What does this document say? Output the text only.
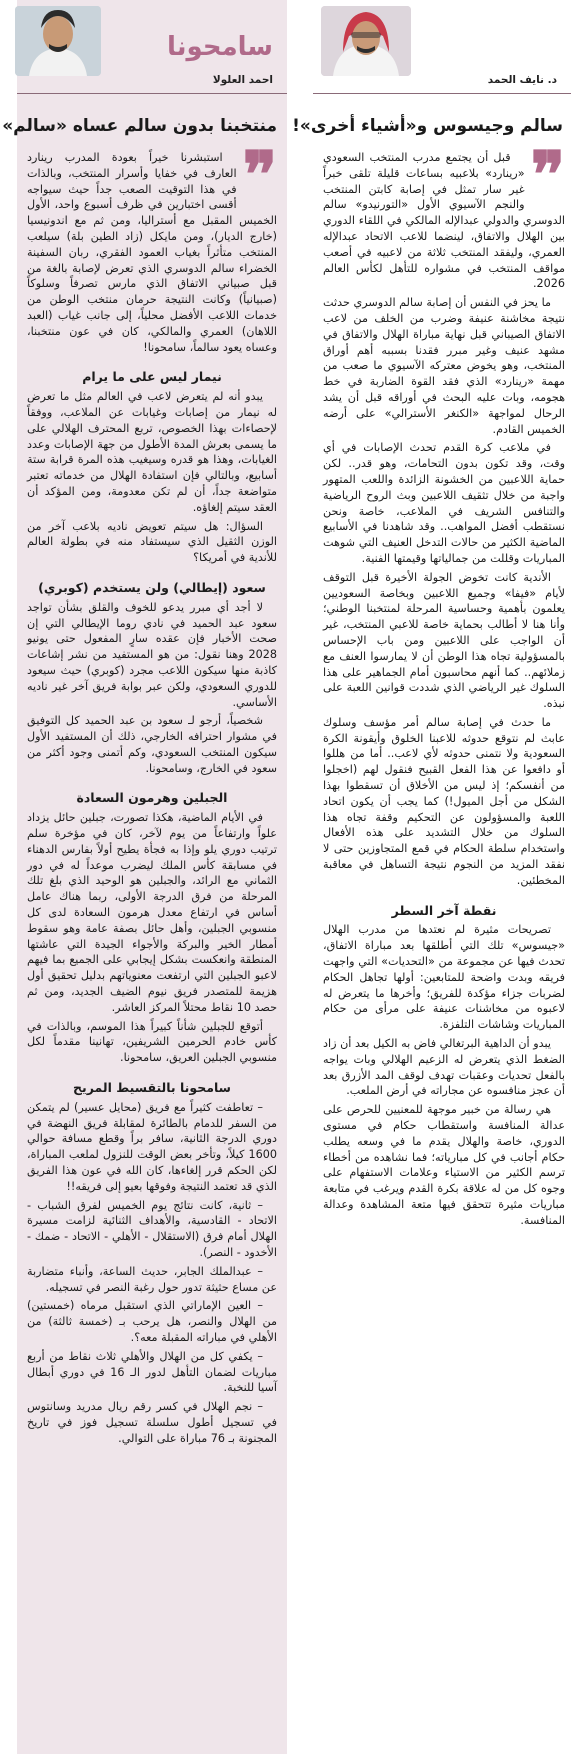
سامحونا
احمد العلولا
منتخبنا بدون سالم عساه «سالم»
❞

استبشرنا خيراً بعودة المدرب رينارد العارف في خفايا وأسرار المنتخب، وبالذات في هذا التوقيت الصعب جداً حيث سيواجه أقسى اختبارين في ظرف أسبوع واحد، الأول الخميس المقبل مع أستراليا، ومن ثم مع اندونيسيا (خارج الديار)، ومن مايكل (زاد الطين بلة) سيلعب المنتخب متأثراً بغياب العمود الفقري، ربان السفينة الخضراء سالم الدوسري الذي تعرض لإصابة بالغة من قبل صبياني الاتفاق الذي مارس تصرفاً وسلوكاً (صبيانياً) وكانت النتيجة حرمان منتخب الوطن من خدمات اللاعب الأفضل محلياً، إلى جانب غياب (العبد اللاهان) العمري والمالكي، كان في عون منتخبنا، وعساه يعود سالماً، سامحونا!

نيمار ليس على ما يرام

يبدو أنه لم يتعرض لاعب في العالم مثل ما تعرض له نيمار من إصابات وغيابات عن الملاعب، ووفقاً لإحصاءات بهذا الخصوص، تربع المحترف الهلالي على ما يسمى بعرش المدة الأطول من جهة الإصابات وعدد الغيابات، وهذا هو قدره وسيغيب هذه المرة قرابة ستة أسابيع، وبالتالي فإن استفادة الهلال من خدماته تعتبر متواضعة جداً، أن لم تكن معدومة، ومن المؤكد أن العقد سيتم إلغاؤه.

السؤال: هل سيتم تعويض ناديه بلاعب آخر من الوزن الثقيل الذي سيستفاد منه في بطولة العالم للأندية في أمريكا؟

سعود (إيطالي) ولن يستخدم (كوبري)

لا أجد أي مبرر يدعو للخوف والقلق بشأن تواجد سعود عبد الحميد في نادي روما الإيطالي التي إن صحت الأخبار فإن عقده سارٍ المفعول حتى يونيو 2028 وهنا نقول: من هو المستفيد من نشر إشاعات كاذبة منها سيكون اللاعب مجرد (كوبري) حيث سيعود للدوري السعودي، ولكن عبر بوابة فريق آخر غير ناديه الأساسي.

شخصياً، أرجو لـ سعود بن عبد الحميد كل التوفيق في مشوار احترافه الخارجي، ذلك أن المستفيد الأول سيكون المنتخب السعودي، وكم أتمنى وجود أكثر من سعود في الخارج، وسامحونا.

الجبلين وهرمون السعادة

في الأيام الماضية، هكذا تصورت، جبلين حائل يزداد علواً وارتفاعاً من يوم لآخر، كان في مؤخرة سلم ترتيب دوري يلو وإذا به فجأة يطيح أولاً بفارس الدهناء في مسابقة كأس الملك ليضرب موعداً له في دور الثماني مع الرائد، والجبلين هو الوحيد الذي بلغ تلك المرحلة من فرق الدرجة الأولى، ربما هناك عامل أساس في ارتفاع معدل هرمون السعادة لدى كل منسوبي الجبلين، وأهل حائل بصفة عامة وهو سقوط أمطار الخير والبركة والأجواء الجيدة التي عاشتها المنطقة وانعكست بشكل إيجابي على الجميع بما فيهم لاعبو الجبلين التي ارتفعت معنوياتهم بدليل تحقيق أول هزيمة للمتصدر فريق نيوم الضيف الجديد، ومن ثم حصد 10 نقاط محتلاً المركز العاشر.

أتوقع للجبلين شأناً كبيراً هذا الموسم، وبالذات في كأس خادم الحرمين الشريفين، تهانينا مقدماً لكل منسوبي الجبلين العريق، سامحونا.

سامحونا بالتقسيط المريح

– تعاطفت كثيراً مع فريق (محايل عسير) لم يتمكن من السفر للدمام بالطائرة لمقابلة فريق النهضة في دوري الدرجة الثانية، سافر براً وقطع مسافة حوالي 1600 كيلاً، وتأخر بعض الوقت للنزول لملعب المباراة، لكن الحكم قرر إلغاءها، كان الله في عون هذا الفريق الذي قد تعتمد النتيجة وفوقها بعيو إلى فريقه!!

– ثانية، كانت نتائج يوم الخميس لفرق الشباب - الاتحاد - القادسية، والأهداف الثنائية لزامت مسيرة الهلال أمام فرق (الاستقلال - الأهلي - الاتحاد - ضمك - الأخدود - النصر).

– عبدالملك الجابر، حديث الساعة، وأنباء متضاربة عن مساع حثيثة تدور حول رغبة النصر في تسجيله.

– العين الإماراتي الذي استقبل مرماه (خمستين) من الهلال والنصر، هل يرحب بـ (خمسة ثالثة) من الأهلي في مباراته المقبلة معه؟.

– يكفي كل من الهلال والأهلي ثلاث نقاط من أربع مباريات لضمان التأهل لدور الـ 16 في دوري أبطال آسيا للنخبة.

– نجم الهلال في كسر رقم ريال مدريد وسانتوس في تسجيل أطول سلسلة تسجيل فوز في تاريخ المجنونة بـ 76 مباراة على التوالي.

د. نايف الحمد
سالم وجيسوس و«أشياء أخرى»!
❞

قبل أن يجتمع مدرب المنتخب السعودي «رينارد» بلاعبيه بساعات قليلة تلقى خبراً غير سار تمثل في إصابة كابتن المنتخب والنجم الآسيوي الأول «التورنيدو» سالم الدوسري والدولي عبدالإله المالكي في اللقاء الدوري بين الهلال والاتفاق، لينضما للاعب الاتحاد عبدالإله العمري، وليفقد المنتخب ثلاثة من لاعبيه في أصعب مواقف المنتخب في مشواره للتأهل لكأس العالم 2026.

ما يحز في النفس أن إصابة سالم الدوسري حدثت نتيجة مخاشنة عنيفة وضرب من الخلف من لاعب الاتفاق الصيباني قبل نهاية مباراة الهلال والاتفاق في مشهد عنيف وغير مبرر فقدنا بسببه أهم أوراق المنتخب، وهو يخوض معتركه الآسيوي ما صعب من مهمة «رينارد» الذي فقد القوة الضاربة في خط هجومه، وبات عليه البحث في أوراقه قبل أن يشد الرحال لمواجهة «الكنغر الأسترالي» على أرضه الخميس القادم.

في ملاعب كرة القدم تحدث الإصابات في أي وقت، وقد تكون بدون التحامات، وهو قدر.. لكن حماية اللاعبين من الخشونة الزائدة واللعب المتهور واجبة من خلال تثقيف اللاعبين وبث الروح الرياضية والتنافس الشريف في الملاعب، خاصة ونحن نستقطب أفضل المواهب.. وقد شاهدنا في الأسابيع الماضية الكثير من حالات التدخل العنيف التي شوهت المباريات وقللت من جمالياتها وقيمتها الفنية.

الأندية كانت تخوض الجولة الأخيرة قبل التوقف لأيام «فيفا» وجميع اللاعبين وبخاصة السعوديين يعلمون بأهمية وحساسية المرحلة لمنتخبنا الوطني؛ وأنا هنا لا أطالب بحماية خاصة للاعبي المنتخب، غير أن الواجب على اللاعبين ومن باب الإحساس بالمسؤولية تجاه هذا الوطن أن لا يمارسوا العنف مع زملائهم.. كما أنهم محاسبون أمام الجماهير على هذا السلوك غير الرياضي الذي شددت قوانين اللعبة على نبذه.

ما حدث في إصابة سالم أمر مؤسف وسلوك عابث لم نتوقع حدوثه للاعبنا الخلوق وأيقونة الكرة السعودية ولا نتمنى حدوثه لأي لاعب.. أما من هللوا أو دافعوا عن هذا الفعل القبيح فنقول لهم (اخجلوا من أنفسكم؛ إذ ليس من الأخلاق أن تسقطوا بهذا الشكل من أجل الميول!) كما يجب أن يكون اتحاد اللعبة والمسؤولون عن التحكيم وقفة تجاه هذا السلوك من خلال التشديد على هذه الأفعال واستخدام سلطة الحكام في قمع المتجاوزين حتى لا نفقد المزيد من النجوم نتيجة التساهل في معاقبة المخطئين.

نقطة آخر السطر

تصريحات مثيرة لم نعتدها من مدرب الهلال «جيسوس» تلك التي أطلقها بعد مباراة الاتفاق، تحدث فيها عن مجموعة من «التحديات» التي واجهت فريقه وبدت واضحة للمتابعين: أولها تجاهل الحكام لضربات جزاء مؤكدة للفريق؛ وأخرها ما يتعرض له لاعبوه من مخاشنات عنيفة على مرأى من حكام المباريات وشاشات التلفزة.

يبدو أن الداهية البرتغالي فاض به الكيل بعد أن زاد الضغط الذي يتعرض له الزعيم الهلالي وبات يواجه بالفعل تحديات وعقبات تهدف لوقف المد الأزرق بعد أن عجز منافسوه عن مجاراته في أرض الملعب.

هي رسالة من خبير موجهة للمعنيين للحرص على عدالة المنافسة واستقطاب حكام في مستوى الدوري، خاصة والهلال يقدم ما في وسعه يطلب حكام أجانب في كل مبارياته؛ فما نشاهده من أخطاء ترسم الكثير من الاستياء وعلامات الاستفهام على وجوه كل من له علاقة بكرة القدم ويرغب في متابعة مباريات مثيرة تتحقق فيها متعة المشاهدة وعدالة المنافسة.
